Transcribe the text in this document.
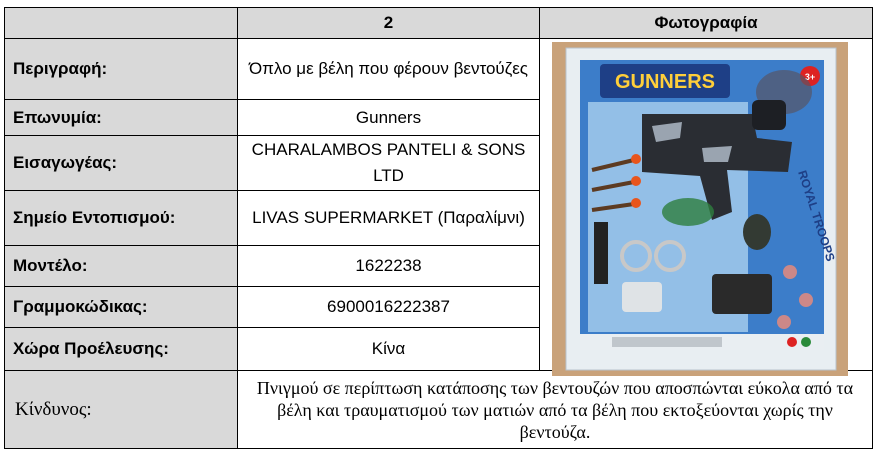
	2	Φωτογραφία
Περιγραφή:	Όπλο με βέλη που φέρουν βεντούζες	GUNNERS 3+
ROYAL TROOPS

Επωνυμία:	Gunners	
Εισαγωγέας:	CHARALAMBOS PANTELI & SONS LTD	
Σημείο Εντοπισμού:	LIVAS SUPERMARKET (Παραλίμνι)	
Μοντέλο:	1622238	
Γραμμοκώδικας:	6900016222387	
Χώρα Προέλευσης:	Κίνα	
Κίνδυνος:	Πνιγμού σε περίπτωση κατάποσης των βεντουζών που αποσπώνται εύκολα από τα βέλη και τραυματισμού των ματιών από τα βέλη που εκτοξεύονται χωρίς την βεντούζα.	
